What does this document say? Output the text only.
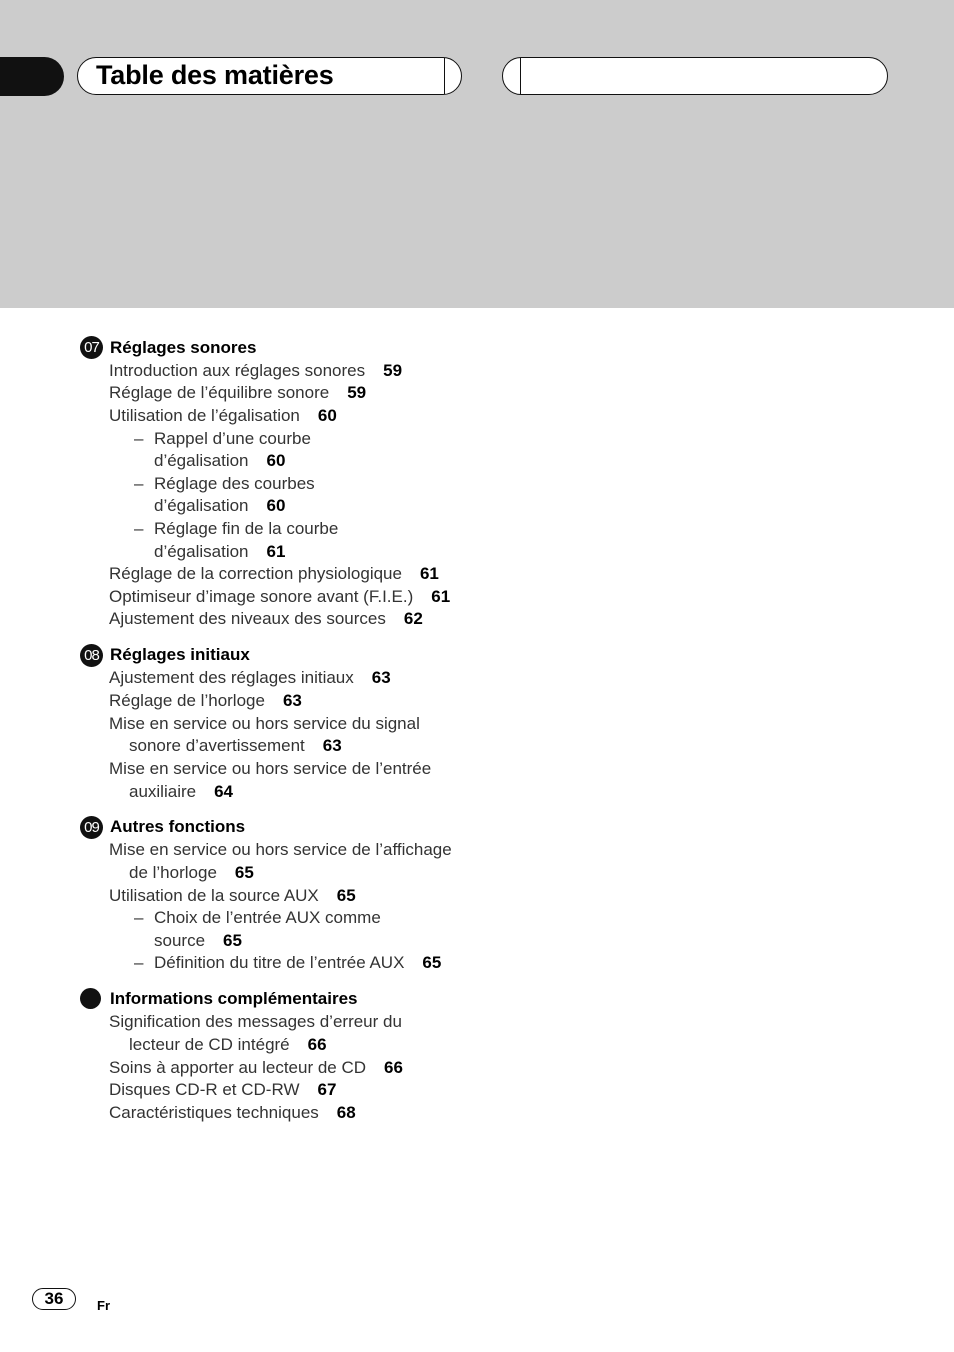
Table des matières
07 Réglages sonores
Introduction aux réglages sonores 59
Réglage de l’équilibre sonore 59
Utilisation de l’égalisation 60
– Rappel d’une courbe
d’égalisation 60
– Réglage des courbes
d’égalisation 60
– Réglage fin de la courbe
d’égalisation 61
Réglage de la correction physiologique 61
Optimiseur d’image sonore avant (F.I.E.) 61
Ajustement des niveaux des sources 62
08 Réglages initiaux
Ajustement des réglages initiaux 63
Réglage de l’horloge 63
Mise en service ou hors service du signal
sonore d’avertissement 63
Mise en service ou hors service de l’entrée
auxiliaire 64
09 Autres fonctions
Mise en service ou hors service de l’affichage
de l’horloge 65
Utilisation de la source AUX 65
– Choix de l’entrée AUX comme
source 65
– Définition du titre de l’entrée AUX 65
Informations complémentaires
Signification des messages d’erreur du
lecteur de CD intégré 66
Soins à apporter au lecteur de CD 66
Disques CD-R et CD-RW 67
Caractéristiques techniques 68
36	Fr
